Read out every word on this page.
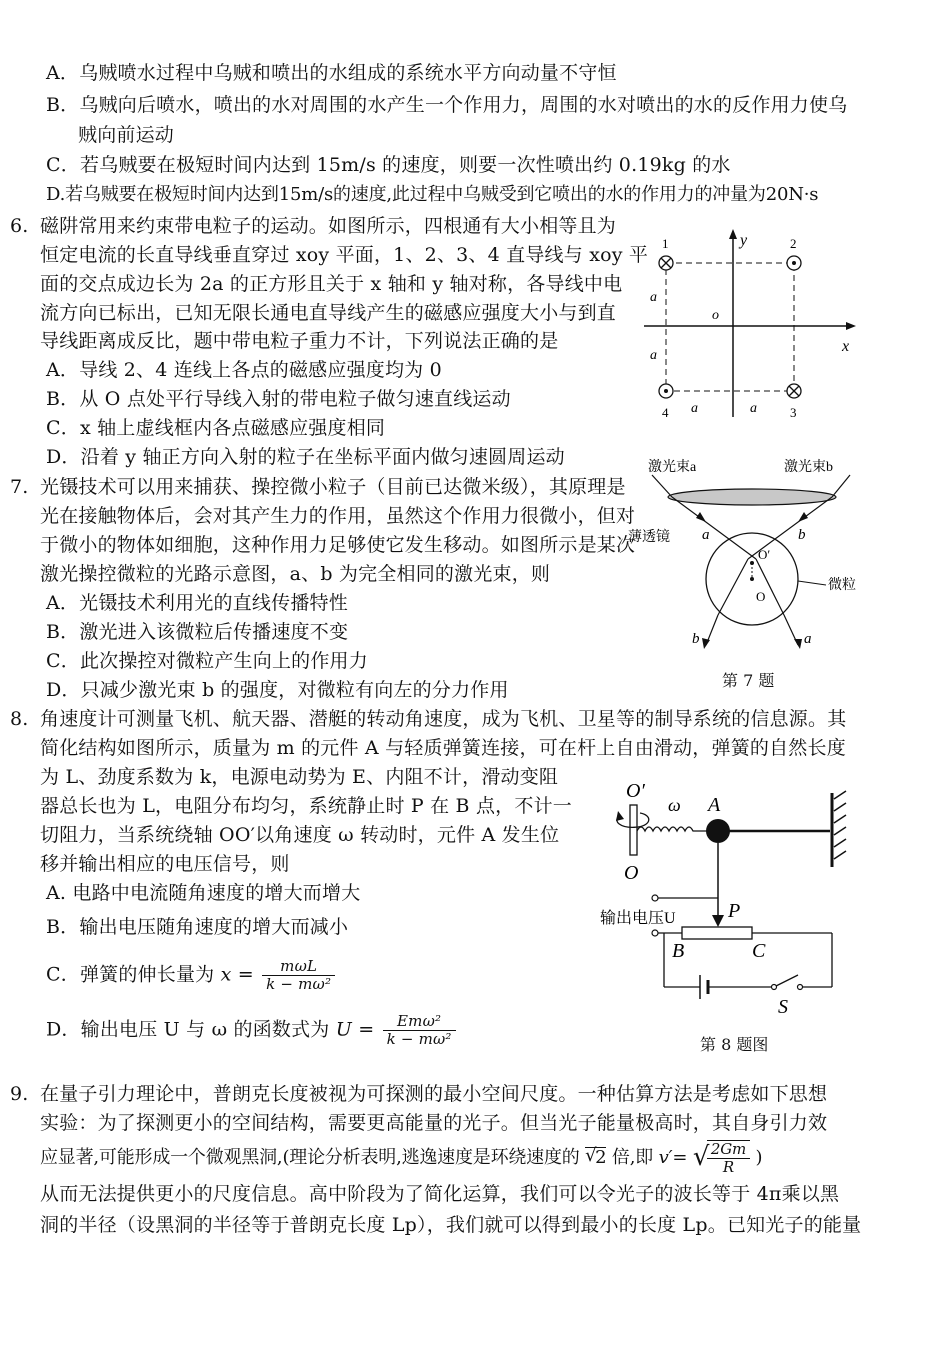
A．乌贼喷水过程中乌贼和喷出的水组成的系统水平方向动量不守恒
B．乌贼向后喷水，喷出的水对周围的水产生一个作用力，周围的水对喷出的水的反作用力使乌
贼向前运动
C．若乌贼要在极短时间内达到 15m/s 的速度，则要一次性喷出约 0.19kg 的水
D.若乌贼要在极短时间内达到15m/s的速度,此过程中乌贼受到它喷出的水的作用力的冲量为20N·s
6. 磁阱常用来约束带电粒子的运动。如图所示，四根通有大小相等且为
恒定电流的长直导线垂直穿过 xoy 平面，1、2、3、4 直导线与 xoy 平
面的交点成边长为 2a 的正方形且关于 x 轴和 y 轴对称，各导线中电
流方向已标出，已知无限长通电直导线产生的磁感应强度大小与到直
导线距离成反比，题中带电粒子重力不计，下列说法正确的是
A．导线 2、4 连线上各点的磁感应强度均为 0
B．从 O 点处平行导线入射的带电粒子做匀速直线运动
C．x 轴上虚线框内各点磁感应强度相同
D．沿着 y 轴正方向入射的粒子在坐标平面内做匀速圆周运动
1	2
3
4
y
x
o
a
a
a	a
7. 光镊技术可以用来捕获、操控微小粒子（目前已达微米级），其原理是
光在接触物体后，会对其产生力的作用，虽然这个作用力很微小，但对
于微小的物体如细胞，这种作用力足够使它发生移动。如图所示是某次
激光操控微粒的光路示意图，a、b 为完全相同的激光束，则
A．光镊技术利用光的直线传播特性
B．激光进入该微粒后传播速度不变
C．此次操控对微粒产生向上的作用力
D．只减少激光束 b 的强度，对微粒有向左的分力作用
激光束a	激光束b
薄透镜
微粒
a	b
b	a
O′
O
第 7 题
8. 角速度计可测量飞机、航天器、潜艇的转动角速度，成为飞机、卫星等的制导系统的信息源。其
简化结构如图所示，质量为 m 的元件 A 与轻质弹簧连接，可在杆上自由滑动，弹簧的自然长度
为 L、劲度系数为 k，电源电动势为 E、内阻不计，滑动变阻
器总长也为 L，电阻分布均匀，系统静止时 P 在 B 点，不计一
切阻力，当系统绕轴 OO′以角速度 ω 转动时，元件 A 发生位
移并输出相应的电压信号，则
A. 电路中电流随角速度的增大而增大
B．输出电压随角速度的增大而减小
C．弹簧的伸长量为 $x = \frac{\text{mωL}}{\text{k − mω²}}$
D．输出电压 U 与 ω 的函数式为 $U = \frac{\text{Emω²}}{\text{k − mω²}}$
O′
ω A
O
P
B	C
S
输出电压U
第 8 题图
9. 在量子引力理论中，普朗克长度被视为可探测的最小空间尺度。一种估算方法是考虑如下思想
实验：为了探测更小的空间结构，需要更高能量的光子。但当光子能量极高时，其自身引力效
应显著,可能形成一个微观黑洞,(理论分析表明,逃逸速度是环绕速度的 √
2 倍,即 v′= √
$\frac{2Gm}{R}$ )
从而无法提供更小的尺度信息。高中阶段为了简化运算，我们可以令光子的波长等于 4π乘以黑
洞的半径（设黑洞的半径等于普朗克长度 Lp），我们就可以得到最小的长度 Lp。已知光子的能量
